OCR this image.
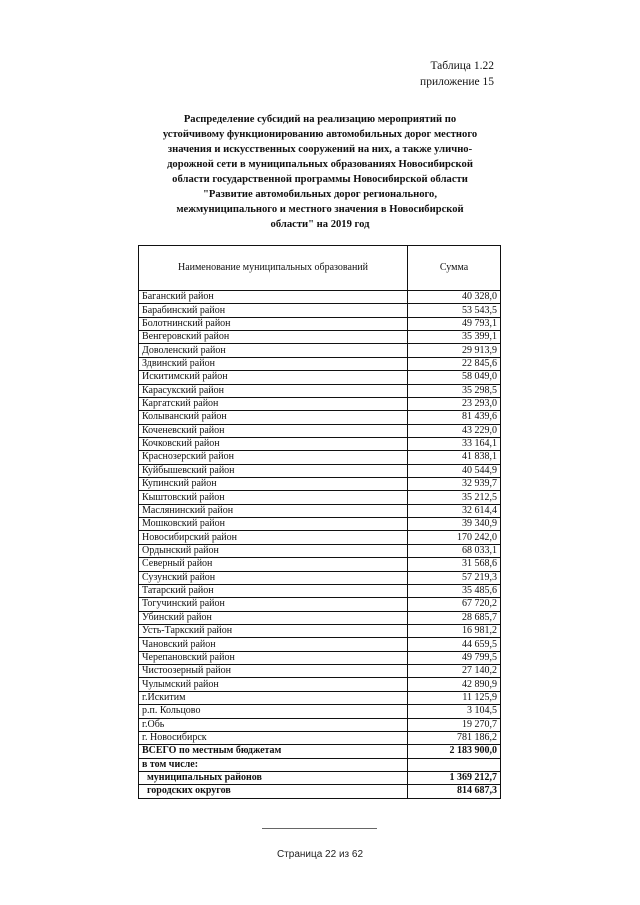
Таблица 1.22
приложение 15
Распределение субсидий на реализацию мероприятий по
устойчивому функционированию автомобильных дорог местного
значения и искусственных сооружений на них, а также улично-
дорожной сети в муниципальных образованиях Новосибирской
области государственной программы Новосибирской области
"Развитие автомобильных дорог регионального,
межмуниципального и местного значения в Новосибирской
области" на 2019 год
Наименование муниципальных образований	Сумма
Баганский район	40 328,0
Барабинский район	53 543,5
Болотнинский район	49 793,1
Венгеровский район	35 399,1
Доволенский район	29 913,9
Здвинский район	22 845,6
Искитимский район	58 049,0
Карасукский район	35 298,5
Каргатский район	23 293,0
Колыванский район	81 439,6
Коченевский район	43 229,0
Кочковский район	33 164,1
Краснозерский район	41 838,1
Куйбышевский район	40 544,9
Купинский район	32 939,7
Кыштовский район	35 212,5
Маслянинский район	32 614,4
Мошковский район	39 340,9
Новосибирский район	170 242,0
Ордынский район	68 033,1
Северный район	31 568,6
Сузунский район	57 219,3
Татарский район	35 485,6
Тогучинский район	67 720,2
Убинский район	28 685,7
Усть-Таркский район	16 981,2
Чановский район	44 659,5
Черепановский район	49 799,5
Чистоозерный район	27 140,2
Чулымский район	42 890,9
г.Искитим	11 125,9
р.п. Кольцово	3 104,5
г.Обь	19 270,7
г. Новосибирск	781 186,2
ВСЕГО по местным бюджетам	2 183 900,0
в том числе:	
муниципальных районов	1 369 212,7
городских округов	814 687,3
Страница 22 из 62
